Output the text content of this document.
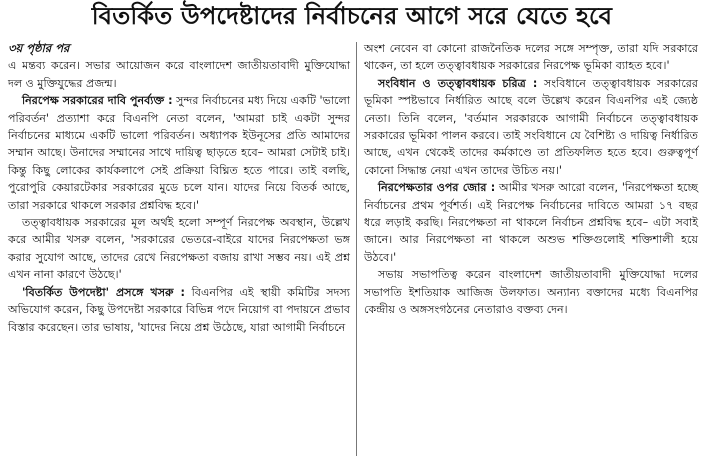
বিতর্কিত উপদেষ্টাদের নির্বাচনের আগে সরে যেতে হবে
৩য় পৃষ্ঠার পর

এ মন্তব্য করেন। সভার আয়োজন করে বাংলাদেশ জাতীয়তাবাদী মুক্তিযোদ্ধা দল ও মুক্তিযুদ্ধের প্রজন্ম।

নিরপেক্ষ সরকারের দাবি পুনর্ব্যক্ত : সুন্দর নির্বাচনের মধ্য দিয়ে একটি 'ভালো পরিবর্তন' প্রত্যাশা করে বিএনপি নেতা বলেন, 'আমরা চাই একটা সুন্দর নির্বাচনের মাধ্যমে একটি ভালো পরিবর্তন। অধ্যাপক ইউনূসের প্রতি আমাদের সম্মান আছে। উনাদের সম্মানের সাথে দায়িত্ব ছাড়তে হবে– আমরা সেটাই চাই। কিন্তু কিছু লোকের কার্যকলাপে সেই প্রক্রিয়া বিঘ্নিত হতে পারে। তাই বলছি, পুরোপুরি কেয়ারটেকার সরকারের মুডে চলে যান। যাদের নিয়ে বিতর্ক আছে, তারা সরকারে থাকলে সরকার প্রশ্নবিদ্ধ হবে।'

তত্ত্বাবধায়ক সরকারের মূল অর্থই হলো সম্পূর্ণ নিরপেক্ষ অবস্থান, উল্লেখ করে আমীর খসরু বলেন, 'সরকারের ভেতরে-বাইরে যাদের নিরপেক্ষতা ভঙ্গ করার সুযোগ আছে, তাদের রেখে নিরপেক্ষতা বজায় রাখা সম্ভব নয়। এই প্রশ্ন এখন নানা কারণে উঠছে।'

'বিতর্কিত উপদেষ্টা' প্রসঙ্গে খসরু : বিএনপির এই স্থায়ী কমিটির সদস্য অভিযোগ করেন, কিছু উপদেষ্টা সরকারে বিভিন্ন পদে নিয়োগ বা পদায়নে প্রভাব বিস্তার করেছেন। তার ভাষায়, 'যাদের নিয়ে প্রশ্ন উঠেছে, যারা আগামী নির্বাচনে

অংশ নেবেন বা কোনো রাজনৈতিক দলের সঙ্গে সম্পৃক্ত, তারা যদি সরকারে থাকেন, তা হলে তত্ত্বাবধায়ক সরকারের নিরপেক্ষ ভূমিকা ব্যাহত হবে।'

সংবিধান ও তত্ত্বাবধায়ক চরিত্র : সংবিধানে তত্ত্বাবধায়ক সরকারের ভূমিকা স্পষ্টভাবে নির্ধারিত আছে বলে উল্লেখ করেন বিএনপির এই জ্যেষ্ঠ নেতা। তিনি বলেন, 'বর্তমান সরকারকে আগামী নির্বাচনে তত্ত্বাবধায়ক সরকারের ভূমিকা পালন করবে। তাই সংবিধানে যে বৈশিষ্ট্য ও দায়িত্ব নির্ধারিত আছে, এখন থেকেই তাদের কর্মকাণ্ডে তা প্রতিফলিত হতে হবে। গুরুত্বপূর্ণ কোনো সিদ্ধান্ত নেয়া এখন তাদের উচিত নয়।'

নিরপেক্ষতার ওপর জোর : আমীর খসরু আরো বলেন, 'নিরপেক্ষতা হচ্ছে নির্বাচনের প্রথম পূর্বশর্ত। এই নিরপেক্ষ নির্বাচনের দাবিতে আমরা ১৭ বছর ধরে লড়াই করছি। নিরপেক্ষতা না থাকলে নির্বাচন প্রশ্নবিদ্ধ হবে– এটা সবাই জানে। আর নিরপেক্ষতা না থাকলে অশুভ শক্তিগুলোই শক্তিশালী হয়ে উঠবে।'

সভায় সভাপতিত্ব করেন বাংলাদেশ জাতীয়তাবাদী মুক্তিযোদ্ধা দলের সভাপতি ইশতিয়াক আজিজ উলফাত। অন্যান্য বক্তাদের মধ্যে বিএনপির কেন্দ্রীয় ও অঙ্গসংগঠনের নেতারাও বক্তব্য দেন।
